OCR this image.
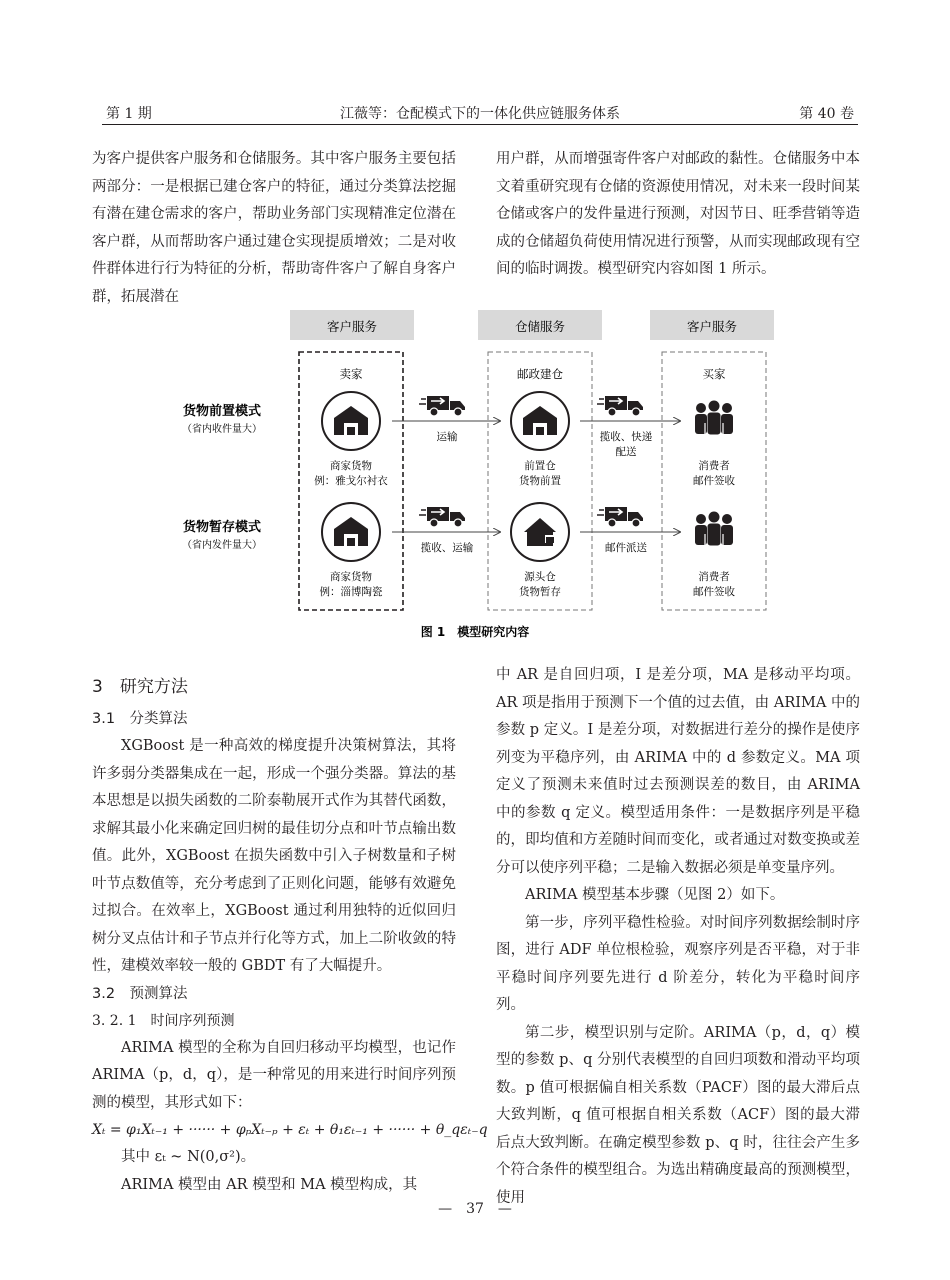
第 1 期	江薇等：仓配模式下的一体化供应链服务体系	第 40 卷

为客户提供客户服务和仓储服务。其中客户服务主要包括两部分：一是根据已建仓客户的特征，通过分类算法挖掘有潜在建仓需求的客户，帮助业务部门实现精准定位潜在客户群，从而帮助客户通过建仓实现提质增效；二是对收件群体进行行为特征的分析，帮助寄件客户了解自身客户群，拓展潜在

用户群，从而增强寄件客户对邮政的黏性。仓储服务中本文着重研究现有仓储的资源使用情况，对未来一段时间某仓储或客户的发件量进行预测，对因节日、旺季营销等造成的仓储超负荷使用情况进行预警，从而实现邮政现有空间的临时调拨。模型研究内容如图 1 所示。

客户服务	仓储服务	客户服务
卖家	邮政建仓	买家
货物前置模式
（省内收件量大）
商家货物
例：雅戈尔衬衣
运输
前置仓
货物前置
揽收、快递
配送
消费者
邮件签收
货物暂存模式
（省内发件量大）
商家货物
例：淄博陶瓷
揽收、运输
源头仓
货物暂存
邮件派送
消费者
邮件签收
图 1　模型研究内容
3　研究方法
3.1　分类算法

XGBoost 是一种高效的梯度提升决策树算法，其将许多弱分类器集成在一起，形成一个强分类器。算法的基本思想是以损失函数的二阶泰勒展开式作为其替代函数，求解其最小化来确定回归树的最佳切分点和叶节点输出数值。此外，XGBoost 在损失函数中引入子树数量和子树叶节点数值等，充分考虑到了正则化问题，能够有效避免过拟合。在效率上，XGBoost 通过利用独特的近似回归树分叉点估计和子节点并行化等方式，加上二阶收敛的特性，建模效率较一般的 GBDT 有了大幅提升。

3.2　预测算法
3. 2. 1　时间序列预测

ARIMA 模型的全称为自回归移动平均模型，也记作 ARIMA（p，d，q），是一种常见的用来进行时间序列预测的模型，其形式如下：

Xₜ = φ₁Xₜ₋₁ + ······ + φₚXₜ₋ₚ + εₜ + θ₁εₜ₋₁ + ······ + θ_qεₜ₋q

其中 εₜ ~ N(0,σ²)。

ARIMA 模型由 AR 模型和 MA 模型构成，其

中 AR 是自回归项，I 是差分项，MA 是移动平均项。AR 项是指用于预测下一个值的过去值，由 ARIMA 中的参数 p 定义。I 是差分项，对数据进行差分的操作是使序列变为平稳序列，由 ARIMA 中的 d 参数定义。MA 项定义了预测未来值时过去预测误差的数目，由 ARIMA 中的参数 q 定义。模型适用条件：一是数据序列是平稳的，即均值和方差随时间而变化，或者通过对数变换或差分可以使序列平稳；二是输入数据必须是单变量序列。

ARIMA 模型基本步骤（见图 2）如下。

第一步，序列平稳性检验。对时间序列数据绘制时序图，进行 ADF 单位根检验，观察序列是否平稳，对于非平稳时间序列要先进行 d 阶差分，转化为平稳时间序列。

第二步，模型识别与定阶。ARIMA（p，d，q）模型的参数 p、q 分别代表模型的自回归项数和滑动平均项数。p 值可根据偏自相关系数（PACF）图的最大滞后点大致判断，q 值可根据自相关系数（ACF）图的最大滞后点大致判断。在确定模型参数 p、q 时，往往会产生多个符合条件的模型组合。为选出精确度最高的预测模型，使用

—　37　—
